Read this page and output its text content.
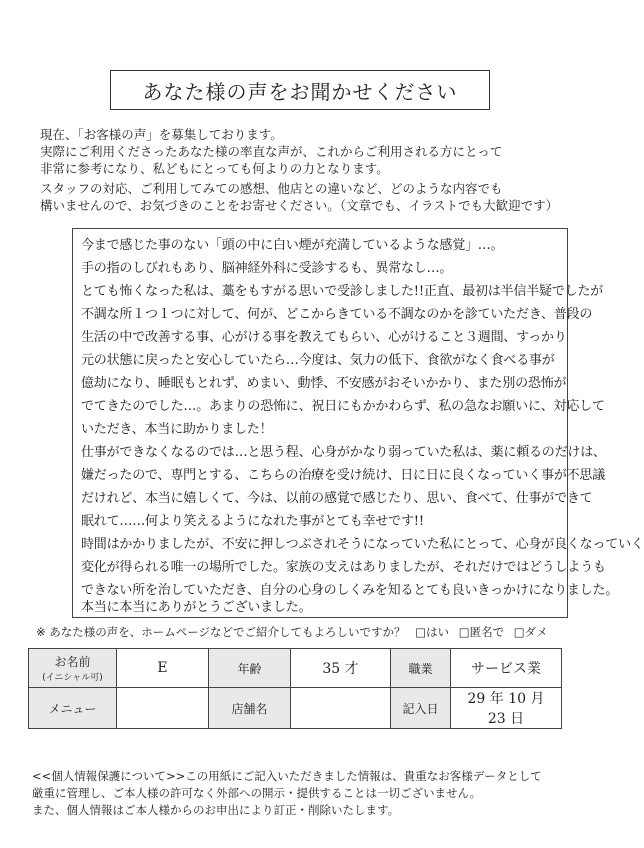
あなた様の声をお聞かせください

現在、「お客様の声」を募集しております。

実際にご利用くださったあなた様の率直な声が、これからご利用される方にとって

非常に参考になり、私どもにとっても何よりの力となります。

スタッフの対応、ご利用してみての感想、他店との違いなど、どのような内容でも

構いませんので、お気づきのことをお寄せください。（文章でも、イラストでも大歓迎です）

今まで感じた事のない「頭の中に白い煙が充満しているような感覚」…。
手の指のしびれもあり、脳神経外科に受診するも、異常なし…。
とても怖くなった私は、藁をもすがる思いで受診しました!!正直、最初は半信半疑でしたが
不調な所１つ１つに対して、何が、どこからきている不調なのかを診ていただき、普段の
生活の中で改善する事、心がける事を教えてもらい、心がけること３週間、すっかり
元の状態に戻ったと安心していたら…今度は、気力の低下、食欲がなく食べる事が
億劫になり、睡眠もとれず、めまい、動悸、不安感がおそいかかり、また別の恐怖が
でてきたのでした…。あまりの恐怖に、祝日にもかかわらず、私の急なお願いに、対応して
いただき、本当に助かりました！
仕事ができなくなるのでは…と思う程、心身がかなり弱っていた私は、薬に頼るのだけは、
嫌だったので、専門とする、こちらの治療を受け続け、日に日に良くなっていく事が不思議
だけれど、本当に嬉しくて、今は、以前の感覚で感じたり、思い、食べて、仕事ができて
眠れて……何より笑えるようになれた事がとても幸せです!!
時間はかかりましたが、不安に押しつぶされそうになっていた私にとって、心身が良くなっていく
変化が得られる唯一の場所でした。家族の支えはありましたが、それだけではどうしようも
できない所を治していただき、自分の心身のしくみを知るとても良いきっかけになりました。
本当に本当にありがとうございました。
※ あなた様の声を、ホームページなどでご紹介してもよろしいですか？ □はい □匿名で □ダメ
お名前
(イニシャル可)	E	年齢	35 才	職業	サービス業
メニュー		店舗名		記入日	29 年 10 月 23 日

<<個人情報保護について>>この用紙にご記入いただきました情報は、貴重なお客様データとして

厳重に管理し、ご本人様の許可なく外部への開示・提供することは一切ございません。

また、個人情報はご本人様からのお申出により訂正・削除いたします。
